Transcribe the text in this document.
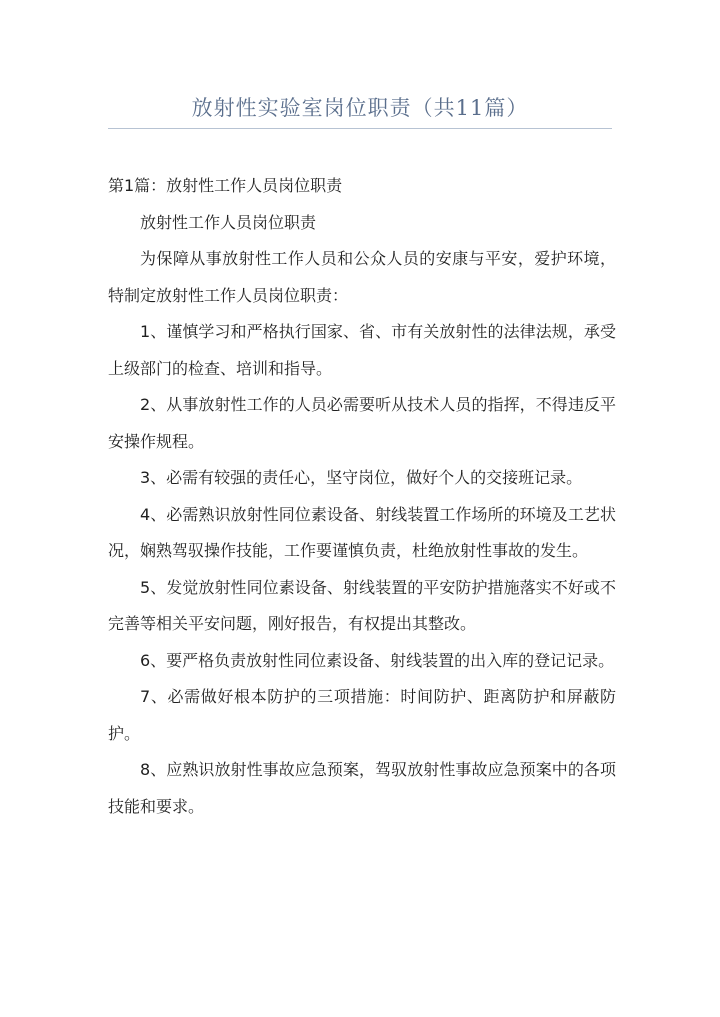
放射性实验室岗位职责（共11篇）

第1篇：放射性工作人员岗位职责

放射性工作人员岗位职责

为保障从事放射性工作人员和公众人员的安康与平安，爱护环境，特制定放射性工作人员岗位职责：

1、谨慎学习和严格执行国家、省、市有关放射性的法律法规，承受上级部门的检查、培训和指导。

2、从事放射性工作的人员必需要听从技术人员的指挥，不得违反平安操作规程。

3、必需有较强的责任心，坚守岗位，做好个人的交接班记录。

4、必需熟识放射性同位素设备、射线装置工作场所的环境及工艺状况，娴熟驾驭操作技能，工作要谨慎负责，杜绝放射性事故的发生。

5、发觉放射性同位素设备、射线装置的平安防护措施落实不好或不完善等相关平安问题，刚好报告，有权提出其整改。

6、要严格负责放射性同位素设备、射线装置的出入库的登记记录。

7、必需做好根本防护的三项措施：时间防护、距离防护和屏蔽防护。

8、应熟识放射性事故应急预案，驾驭放射性事故应急预案中的各项技能和要求。
